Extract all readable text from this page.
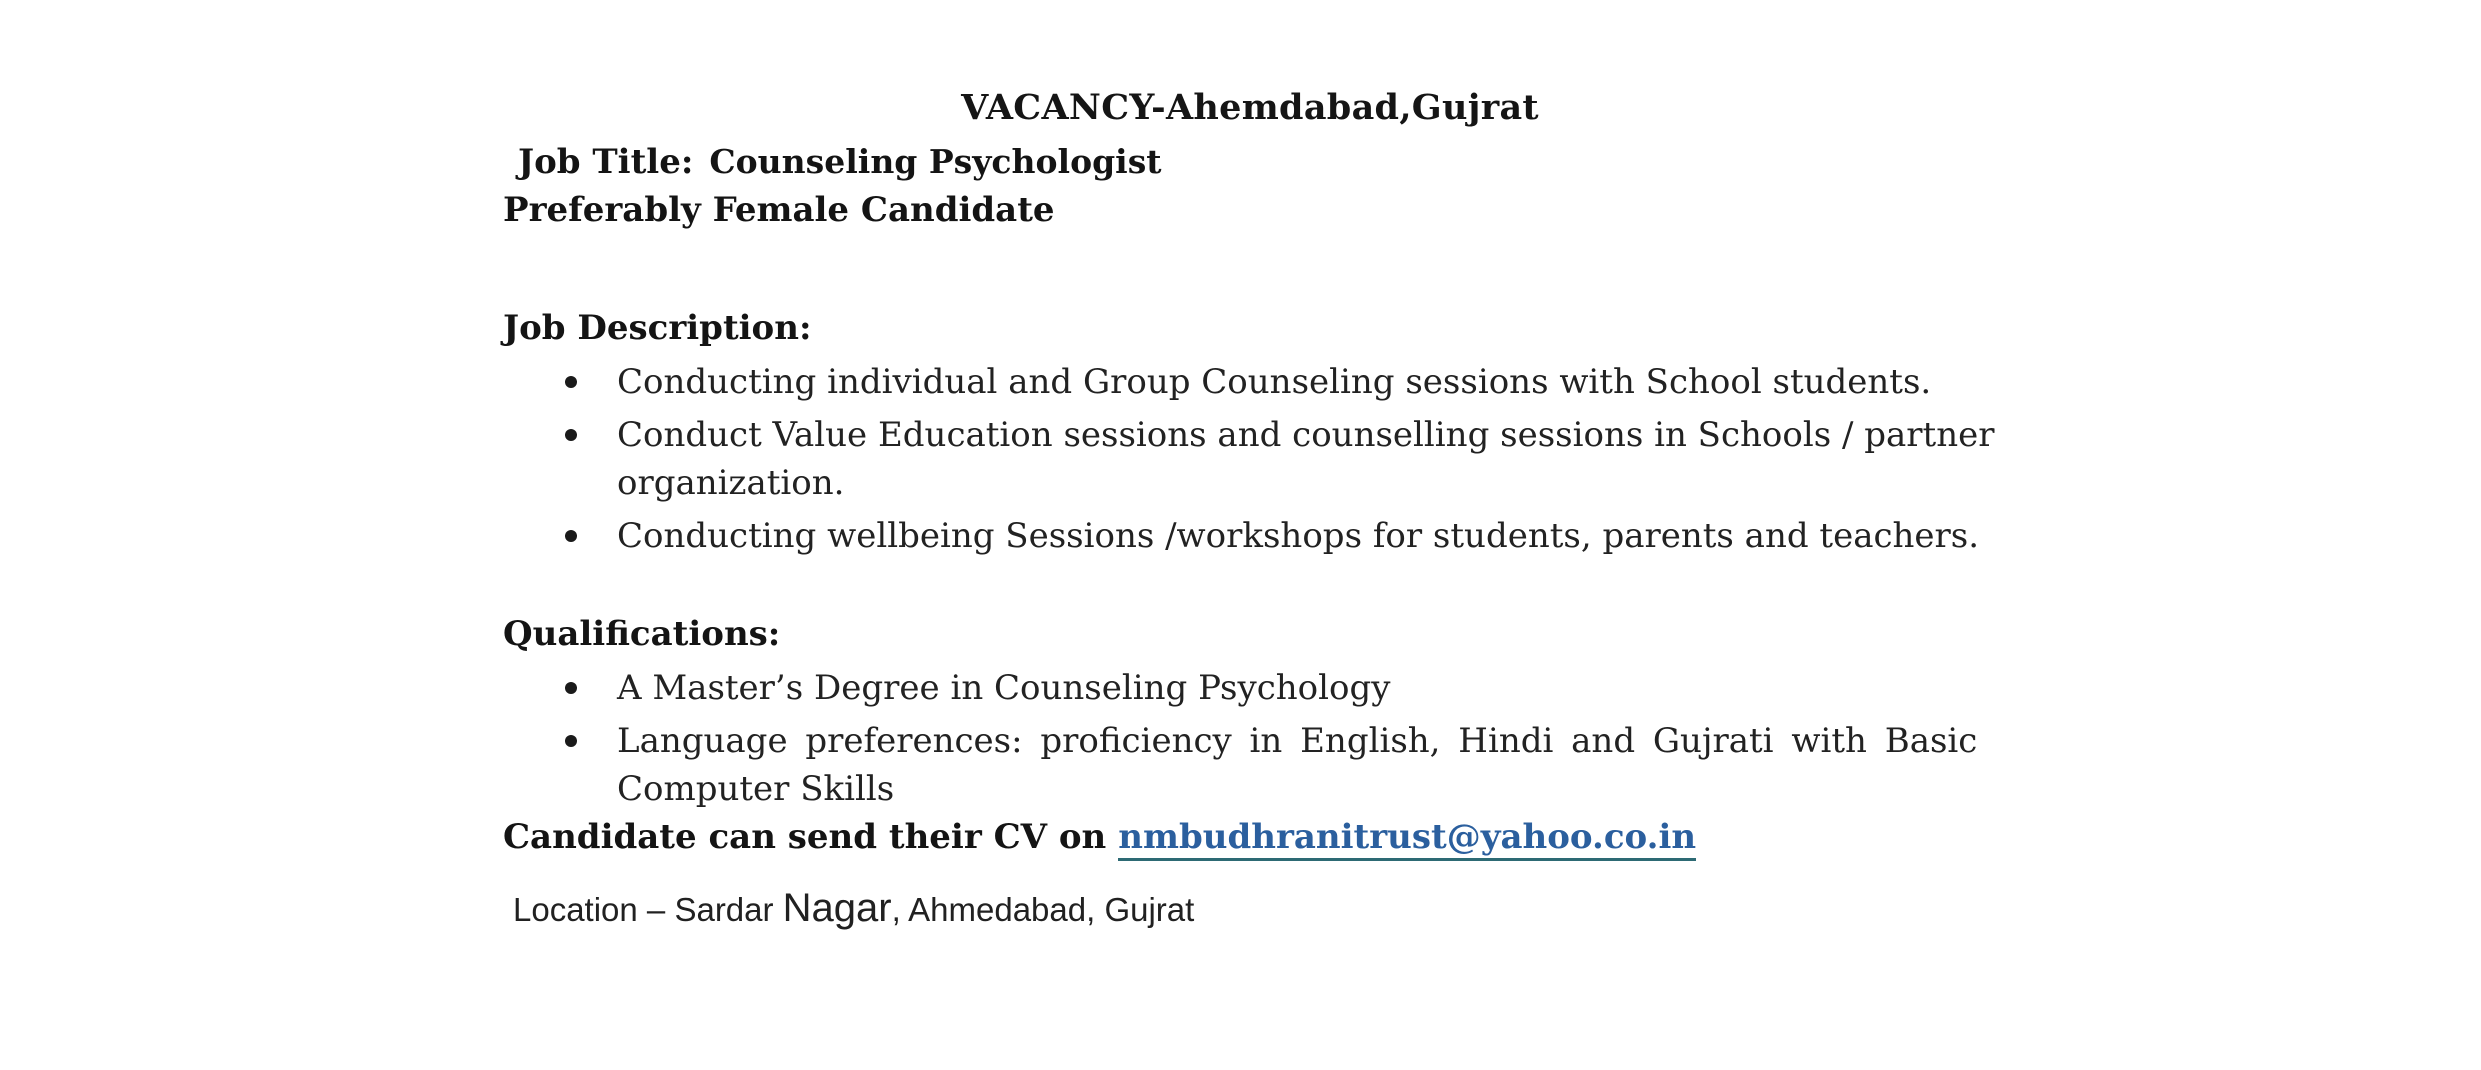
VACANCY-Ahemdabad,Gujrat
Job Title: Counseling Psychologist
Preferably Female Candidate
Job Description:
Conducting individual and Group Counseling sessions with School students.
Conduct Value Education sessions and counselling sessions in Schools / partner
organization.
Conducting wellbeing Sessions /workshops for students, parents and teachers.
Qualifications:
A Master’s Degree in Counseling Psychology
Language preferences: proficiency in English, Hindi and Gujrati with Basic
Computer Skills
Candidate can send their CV on nmbudhranitrust@yahoo.co.in
Location – Sardar Nagar, Ahmedabad, Gujrat
